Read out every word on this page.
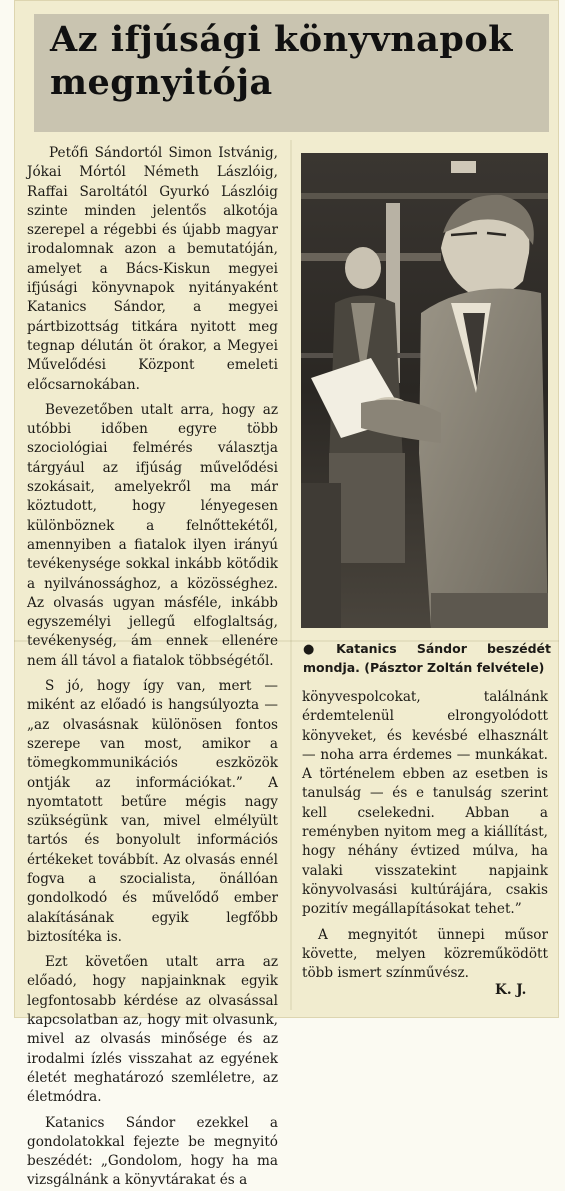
Az ifjúsági könyvnapok
megnyitója

Petőfi Sándortól Simon Istvánig, Jókai Mórtól Németh Lászlóig, Raffai Saroltától Gyurkó Lászlóig szinte minden jelentős alkotója szerepel a régebbi és újabb magyar irodalomnak azon a bemutatóján, amelyet a Bács-Kiskun megyei ifjúsági könyvnapok nyitányaként Katanics Sándor, a megyei pártbizottság titkára nyitott meg tegnap délután öt órakor, a Megyei Művelődési Központ emeleti előcsarnokában.

Bevezetőben utalt arra, hogy az utóbbi időben egyre több szociológiai felmérés választja tárgyául az ifjúság művelődési szokásait, amelyekről ma már köztudott, hogy lényegesen különböznek a felnőttekétől, amennyiben a fiatalok ilyen irányú tevékenysége sokkal inkább kötődik a nyilvánossághoz, a közösséghez. Az olvasás ugyan másféle, inkább egyszemélyi jellegű elfoglaltság, tevékenység, ám ennek ellenére nem áll távol a fiatalok többségétől.

S jó, hogy így van, mert — miként az előadó is hangsúlyozta — „az olvasásnak különösen fontos szerepe van most, amikor a tömegkommunikációs eszközök ontják az információkat.” A nyomtatott betűre mégis nagy szükségünk van, mivel elmélyült tartós és bonyolult információs értékeket továbbít. Az olvasás ennél fogva a szocialista, önállóan gondolkodó és művelődő ember alakításának egyik legfőbb biztosítéka is.

Ezt követően utalt arra az előadó, hogy napjainknak egyik legfontosabb kérdése az olvasással kapcsolatban az, hogy mit olvasunk, mivel az olvasás minősége és az irodalmi ízlés visszahat az egyének életét meghatározó szemléletre, az életmódra.

Katanics Sándor ezekkel a gondolatokkal fejezte be megnyitó beszédét: „Gondolom, hogy ha ma vizsgálnánk a könyvtárakat és a

● Katanics Sándor beszédét mondja. (Pásztor Zoltán felvétele)

könyvespolcokat, találnánk érdemtelenül elrongyolódott könyveket, és kevésbé elhasznált — noha arra érdemes — munkákat. A történelem ebben az esetben is tanulság — és e tanulság szerint kell cselekedni. Abban a reményben nyitom meg a kiállítást, hogy néhány évtized múlva, ha valaki visszatekint napjaink könyvolvasási kultúrájára, csakis pozitív megállapításokat tehet.”

A megnyitót ünnepi műsor követte, melyen közreműködött több ismert színművész.

K. J.
